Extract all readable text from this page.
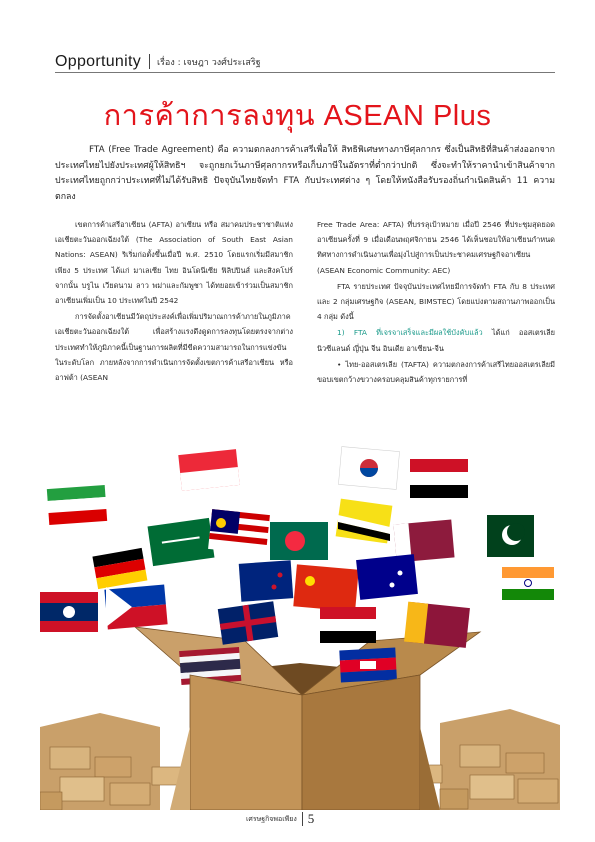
Opportunity เรื่อง : เจษฎา วงศ์ประเสริฐ
การค้าการลงทุน ASEAN Plus

FTA (Free Trade Agreement) คือ ความตกลงการค้าเสรีเพื่อให้ สิทธิพิเศษทางภาษีศุลกากร ซึ่งเป็นสิทธิที่สินค้าส่งออกจากประเทศไทยไปยังประเทศผู้ให้สิทธิฯ จะถูกยกเว้นภาษีศุลกากรหรือเก็บภาษีในอัตราที่ต่ำกว่าปกติ ซึ่งจะทำให้ราคานำเข้าสินค้าจากประเทศไทยถูกกว่าประเทศที่ไม่ได้รับสิทธิ ปัจจุบันไทยจัดทำ FTA กับประเทศต่าง ๆ โดยให้หนังสือรับรองถิ่นกำเนิดสินค้า 11 ความตกลง

เขตการค้าเสรีอาเซียน (AFTA) อาเซียน หรือ สมาคมประชาชาติแห่งเอเชียตะวันออกเฉียงใต้ (The Association of South East Asian Nations: ASEAN) ริเริ่มก่อตั้งขึ้นเมื่อปี พ.ศ. 2510 โดยแรกเริ่มมีสมาชิกเพียง 5 ประเทศ ได้แก่ มาเลเซีย ไทย อินโดนีเซีย ฟิลิปปินส์ และสิงคโปร์ จากนั้น บรูไน เวียดนาม ลาว พม่าและกัมพูชา ได้ทยอยเข้าร่วมเป็นสมาชิกอาเซียนเพิ่มเป็น 10 ประเทศในปี 2542

การจัดตั้งอาเซียนมีวัตถุประสงค์เพื่อเพิ่มปริมาณการค้าภายในภูมิภาคเอเชียตะวันออกเฉียงใต้ เพื่อสร้างแรงดึงดูดการลงทุนโดยตรงจากต่างประเทศทำให้ภูมิภาคนี้เป็นฐานการผลิตที่มีขีดความสามารถในการแข่งขันในระดับโลก ภายหลังจากการดำเนินการจัดตั้งเขตการค้าเสรีอาเซียน หรือ อาฟต้า (ASEAN

Free Trade Area: AFTA) ที่บรรลุเป้าหมาย เมื่อปี 2546 ที่ประชุมสุดยอดอาเซียนครั้งที่ 9 เมื่อเดือนพฤศจิกายน 2546 ได้เห็นชอบให้อาเซียนกำหนดทิศทางการดำเนินงานเพื่อมุ่งไปสู่การเป็นประชาคมเศรษฐกิจอาเซียน (ASEAN Economic Community: AEC)

FTA รายประเทศ ปัจจุบันประเทศไทยมีการจัดทำ FTA กับ 8 ประเทศ และ 2 กลุ่มเศรษฐกิจ (ASEAN, BIMSTEC) โดยแบ่งตามสถานภาพออกเป็น 4 กลุ่ม ดังนี้

1) FTA ที่เจรจาเสร็จและมีผลใช้บังคับแล้ว ได้แก่ ออสเตรเลีย นิวซีแลนด์ ญี่ปุ่น จีน อินเดีย อาเซียน-จีน

• ไทย-ออสเตรเลีย (TAFTA) ความตกลงการค้าเสรีไทยออสเตรเลียมีขอบเขตกว้างขวางครอบคลุมสินค้าทุกรายการที่

เศรษฐกิจพอเพียง 5
